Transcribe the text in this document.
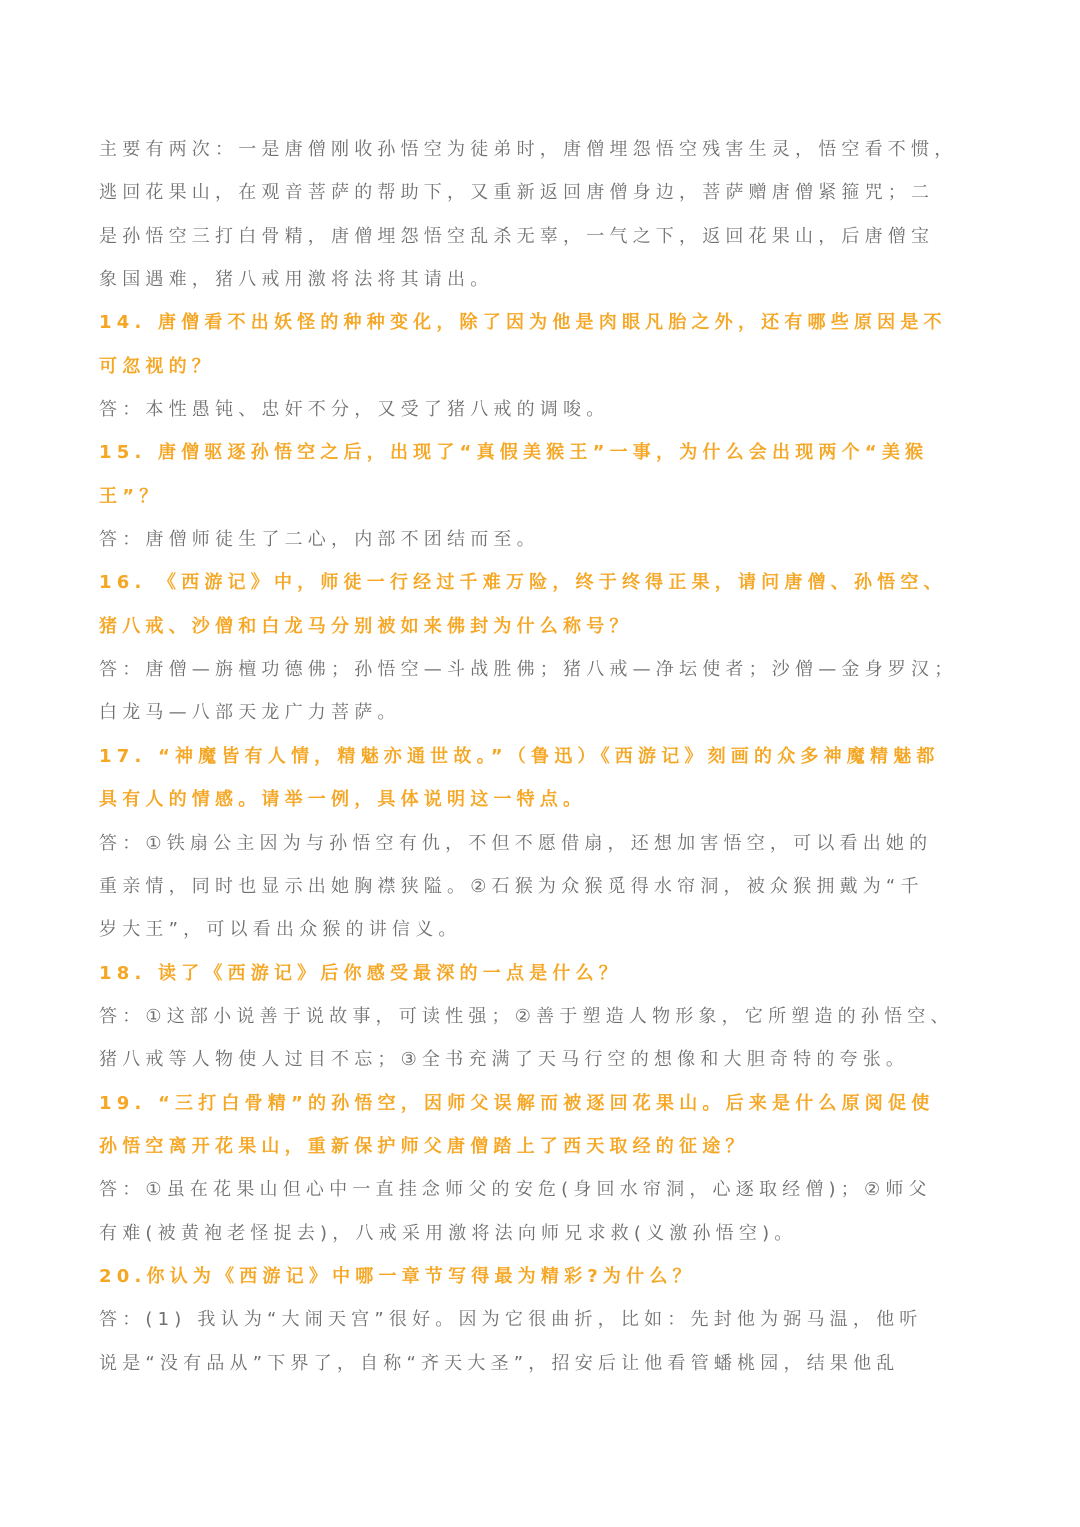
主要有两次：一是唐僧刚收孙悟空为徒弟时，唐僧埋怨悟空残害生灵，悟空看不惯，
逃回花果山，在观音菩萨的帮助下，又重新返回唐僧身边，菩萨赠唐僧紧箍咒；二
是孙悟空三打白骨精，唐僧埋怨悟空乱杀无辜，一气之下，返回花果山，后唐僧宝
象国遇难，猪八戒用激将法将其请出。
14. 唐僧看不出妖怪的种种变化，除了因为他是肉眼凡胎之外，还有哪些原因是不
可忽视的？
答：本性愚钝、忠奸不分，又受了猪八戒的调唆。
15. 唐僧驱逐孙悟空之后，出现了“真假美猴王”一事，为什么会出现两个“美猴
王”？
答：唐僧师徒生了二心，内部不团结而至。
16. 《西游记》中，师徒一行经过千难万险，终于终得正果，请问唐僧、孙悟空、
猪八戒、沙僧和白龙马分别被如来佛封为什么称号？
答：唐僧—旃檀功德佛；孙悟空—斗战胜佛；猪八戒—净坛使者；沙僧—金身罗汉；
白龙马—八部天龙广力菩萨。
17. “神魔皆有人情，精魅亦通世故。”（鲁迅）《西游记》刻画的众多神魔精魅都
具有人的情感。请举一例，具体说明这一特点。
答：①铁扇公主因为与孙悟空有仇，不但不愿借扇，还想加害悟空，可以看出她的
重亲情，同时也显示出她胸襟狭隘。②石猴为众猴觅得水帘洞，被众猴拥戴为“千
岁大王”，可以看出众猴的讲信义。
18. 读了《西游记》后你感受最深的一点是什么？
答：①这部小说善于说故事，可读性强；②善于塑造人物形象，它所塑造的孙悟空、
猪八戒等人物使人过目不忘；③全书充满了天马行空的想像和大胆奇特的夸张。
19. “三打白骨精”的孙悟空，因师父误解而被逐回花果山。后来是什么原阅促使
孙悟空离开花果山，重新保护师父唐僧踏上了西天取经的征途？
答：①虽在花果山但心中一直挂念师父的安危(身回水帘洞，心逐取经僧)；②师父
有难(被黄袍老怪捉去)，八戒采用激将法向师兄求救(义激孙悟空)。
20.你认为《西游记》中哪一章节写得最为精彩?为什么？
答：(1) 我认为“大闹天宫”很好。因为它很曲折，比如：先封他为弼马温，他听
说是“没有品从”下界了，自称“齐天大圣”，招安后让他看管蟠桃园，结果他乱
